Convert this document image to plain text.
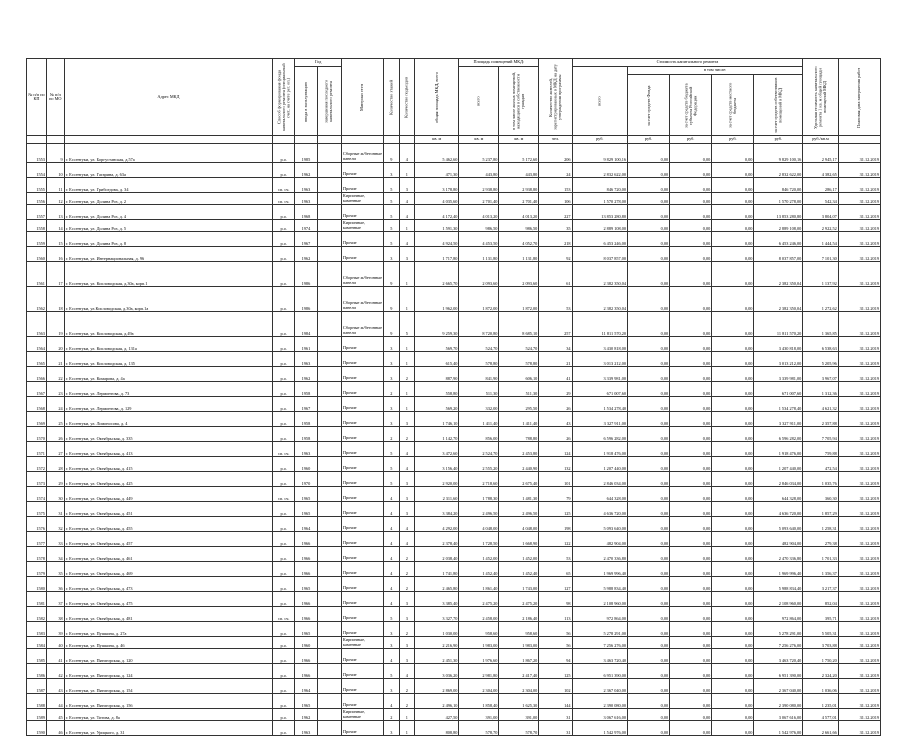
№ п/п по КП	№ п/п по МО	Адрес МКД	Способ формирования фонда капитального ремонта (специальный счет, на счете рег. оп.)	Год		Материал стен	Количество этажей	Количество подъездов	общая площадь МКД, всего	Площадь помещений МКД:		Количество жителей, зарегистрированных в МКД на дату утверждения программы	Стоимость капитального ремонта					Удельная стоимость капитального ремонта 1 кв. м общей площади помещений МКД	Плановая дата завершения работ
				ввода в эксплуатацию	завершения последнего капитального ремонта					всего	в том числе жилых помещений, находящихся в собственности граждан		всего	в том числе:					
														за счет средств Фонда	за счет средств бюджета субъекта Российской Федерации	за счет средств местного бюджета	за счет средств собственников помещений в МКД		
									кв. м	кв. м	кв. м	чел.	руб.	руб.	руб.	руб.	руб.	руб./кв.м	
1553	9	г. Ессентуки, ул. Боргустанская, д.57а	р.о.	1985		Сборные ж/бетонные панели	9	4	5 462,60	5 237,80	5 172,60	206	9 829 100,16	0,00	0,00	0,00	9 829 100,16	2 945,17	31.12.2019
1554	10	г. Ессентуки, ул. Гагарина, д. 63а	р.о.	1962		Прочие	3	1	471,30	443,80	443,80	24	2 832 622,00	0,00	0,00	0,00	2 832 622,00	4 382,65	31.12.2019
1555	11	г. Ессентуки, ул. Грибоедова, д. 34	сп. сч.	1963		Прочие	5	3	3 178,80	2 938,80	2 938,80	153	846 720,00	0,00	0,00	0,00	846 720,00	286,17	31.12.2019
1556	12	г. Ессентуки, ул. Долина Роз, д. 2	сп. сч.	1963		Кирпичные, каменные	5	4	4 035,60	2 701,40	2 701,40	106	1 570 278,00	0,00	0,00	0,00	1 570 278,00	542,34	31.12.2019
1557	13	г. Ессентуки, ул. Долина Роз, д. 4	р.о.	1968		Прочие	5	4	4 172,40	4 013,20	4 013,20	227	13 853 280,80	0,00	0,00	0,00	13 853 280,80	3 804,07	31.12.2019
1558	14	г. Ессентуки, ул. Долина Роз, д. 5	р.о.	1974		Кирпичные, каменные	5	1	1 591,30	986,50	986,50	35	2 889 108,00	0,00	0,00	0,00	2 889 108,00	2 922,52	31.12.2019
1559	15	г. Ессентуки, ул. Долина Роз, д. 8	р.о.	1967		Прочие	5	4	4 924,50	4 453,50	4 052,70	218	6 453 246,00	0,00	0,00	0,00	6 453 246,00	1 444,54	31.12.2019
1560	16	г. Ессентуки, ул. Интернациональная, д. 96	р.о.	1962		Прочие	3	3	1 717,80	1 131,80	1 131,80	92	8 037 857,00	0,00	0,00	0,00	8 037 857,00	7 101,30	31.12.2019
1561	17	г. Ессентуки, ул. Кисловодская, д.30а, корп.1	р.о.	1986		Сборные ж/бетонные панели	9	1	2 665,70	2 093,60	2 093,60	61	2 382 350,04	0,00	0,00	0,00	2 382 350,04	1 137,92	31.12.2019
1562	18	г. Ессентуки, ул.Кисловодская, д.30а, корп.1а	р.о.	1986		Сборные ж/бетонные панели	9	1	1 962,00	1 872,00	1 872,00	53	2 382 350,04	0,00	0,00	0,00	2 382 350,04	1 272,62	31.12.2019
1563	19	г. Ессентуки, ул. Кисловодская, д.49а	р.о.	1984		Сборные ж/бетонные панели	9	5	9 259,30	8 720,80	8 685,10	257	11 811 570,20	0,00	0,00	0,00	11 811 570,20	1 365,85	31.12.2019
1564	20	г. Ессентуки, ул. Кисловодская, д. 131а	р.о.	1961		Прочие	3	1	569,70	524,70	524,70	34	3 430 818,00	0,00	0,00	0,00	3 430 818,00	6 538,63	31.12.2019
1565	21	г. Ессентуки, ул. Кисловодская, д. 135	р.о.	1963		Прочие	3	1	615,40	578,80	578,80	21	3 013 212,00	0,00	0,00	0,00	3 013 212,00	5 205,96	31.12.2019
1566	22	г. Ессентуки, ул. Комарова, д. 4а	р.о.	1962		Прочие	3	2	887,90	841,90	606,10	41	3 339 981,00	0,00	0,00	0,00	3 339 981,00	3 967,07	31.12.2019
1567	23	г. Ессентуки, ул. Лермонтова, д. 73	р.о.	1958		Прочие	2	1	558,80	511,30	511,30	29	671 007,60	0,00	0,00	0,00	671 007,60	1 312,36	31.12.2019
1568	24	г. Ессентуки, ул. Лермонтова, д. 129	р.о.	1967		Прочие	3	1	569,20	332,00	295,50	26	1 534 278,40	0,00	0,00	0,00	1 534 278,40	4 621,32	31.12.2019
1569	25	г. Ессентуки, ул. Ломоносова, д. 4	р.о.	1958		Прочие	3	3	1 746,10	1 411,40	1 411,40	43	3 327 911,00	0,00	0,00	0,00	3 327 911,00	2 357,88	31.12.2019
1570	26	г. Ессентуки, ул. Октябрьская, д. 335	р.о.	1958		Прочие	2	2	1 142,70	856,00	788,80	26	6 596 282,00	0,00	0,00	0,00	6 596 282,00	7 705,94	31.12.2019
1571	27	г. Ессентуки, ул. Октябрьская, д. 413	сп. сч.	1963		Прочие	5	4	3 472,60	2 524,70	2 453,80	124	1 918 476,00	0,00	0,00	0,00	1 918 476,00	759,88	31.12.2019
1572	28	г. Ессентуки, ул. Октябрьская, д. 415	р.о.	1960		Прочие	5	4	3 156,40	2 555,20	2 440,90	132	1 207 440,00	0,00	0,00	0,00	1 207 440,00	472,54	31.12.2019
1573	29	г. Ессентуки, ул. Октябрьская, д. 425	р.о.	1970		Прочие	5	3	2 920,00	2 718,60	2 675,40	101	2 846 034,00	0,00	0,00	0,00	2 846 034,00	1 035,76	31.12.2019
1574	30	г. Ессентуки, ул. Октябрьская, д. 449	сп. сч.	1965		Прочие	4	3	2 311,60	1 788,30	1 481,30	79	644 328,00	0,00	0,00	0,00	644 328,00	360,30	31.12.2019
1575	31	г. Ессентуки, ул. Октябрьская, д. 451	р.о.	1965		Прочие	4	3	3 384,20	2 496,50	2 496,50	125	4 636 720,00	0,00	0,00	0,00	4 636 720,00	1 857,29	31.12.2019
1576	32	г. Ессентуки, ул. Октябрьская, д. 455	р.о.	1964		Прочие	4	4	4 292,00	4 048,00	4 048,00	198	5 093 640,00	0,00	0,00	0,00	5 093 640,00	1 258,31	31.12.2019
1577	33	г. Ессентуки, ул. Октябрьская, д. 457	р.о.	1966		Прочие	4	4	2 378,40	1 728,50	1 668,90	122	482 904,00	0,00	0,00	0,00	482 904,00	279,38	31.12.2019
1578	34	г. Ессентуки, ул. Октябрьская, д. 461	р.о.	1966		Прочие	4	2	2 038,40	1 452,00	1 452,00	53	2 470 336,80	0,00	0,00	0,00	2 470 336,80	1 701,33	31.12.2019
1579	35	г. Ессентуки, ул. Октябрьская, д. 469	р.о.	1966		Прочие	4	2	1 741,80	1 452,40	1 452,40	65	1 969 996,40	0,00	0,00	0,00	1 969 996,40	1 356,37	31.12.2019
1580	36	г. Ессентуки, ул. Октябрьская, д. 473	р.о.	1965		Прочие	4	2	2 465,80	1 861,40	1 743,00	127	5 988 834,40	0,00	0,00	0,00	5 988 834,40	3 217,37	31.12.2019
1581	37	г. Ессентуки, ул. Октябрьская, д. 475	р.о.	1966		Прочие	4	3	3 385,40	2 475,20	2 475,20	98	2 108 960,00	0,00	0,00	0,00	2 108 960,00	852,04	31.12.2019
1582	38	г. Ессентуки, ул. Октябрьская, д. 481	сп. сч.	1966		Прочие	5	3	3 327,70	2 458,00	2 186,40	113	972 864,00	0,00	0,00	0,00	972 864,00	395,71	31.12.2019
1583	39	г. Ессентуки, ул. Пушкина, д. 27а	р.о.	1965		Прочие	3	2	1 030,00	958,60	958,60	56	5 278 291,00	0,00	0,00	0,00	5 278 291,00	5 505,31	31.12.2019
1584	40	г. Ессентуки, ул. Пушкина, д. 46	р.о.	1960		Кирпичные, каменные	3	3	2 216,90	1 983,00	1 983,00	56	7 256 276,00	0,00	0,00	0,00	7 256 276,00	3 703,88	31.12.2019
1585	41	г. Ессентуки, ул. Пятигорская, д. 120	р.о.	1966		Прочие	4	3	2 451,30	1 976,60	1 867,20	94	3 463 720,40	0,00	0,00	0,00	3 463 720,40	1 750,20	31.12.2019
1586	42	г. Ессентуки, ул. Пятигорская, д. 124	р.о.	1966		Прочие	5	4	3 036,20	2 981,80	2 417,40	125	6 951 390,00	0,00	0,00	0,00	6 951 390,00	2 324,20	31.12.2019
1587	43	г. Ессентуки, ул. Пятигорская, д. 154	р.о.	1964		Прочие	3	2	2 869,00	2 304,00	2 304,00	102	2 367 040,00	0,00	0,00	0,00	2 367 040,00	1 036,06	31.12.2019
1588	44	г. Ессентуки, ул. Пятигорская, д. 156	р.о.	1965		Прочие	4	2	2 496,10	1 858,40	1 625,30	144	2 390 080,00	0,00	0,00	0,00	2 390 080,00	1 235,01	31.12.2019
1589	45	г. Ессентуки, ул. Титова, д. 8а	р.о.	1962		Кирпичные, каменные	2	1	427,50	391,00	391,00	31	3 067 616,00	0,00	0,00	0,00	3 067 616,00	4 577,01	31.12.2019
1590	46	г. Ессентуки, ул. Урицкого, д. 31	р.о.	1963		Прочие	3	1	808,80	578,70	578,70	31	1 542 976,00	0,00	0,00	0,00	1 542 976,00	2 661,66	31.12.2019
